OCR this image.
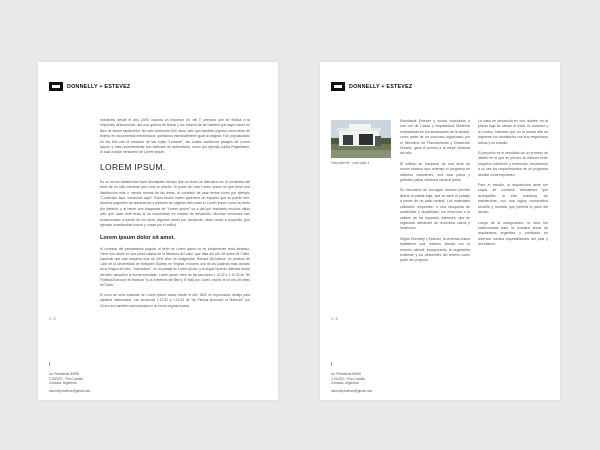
DONNELLY + ESTEVEZ

Industries desde el año 1500, cuando un impresor (N. del T. persona que se dedica a la imprenta) desconocido usó una galería de textos y los mezcló de tal manera que logró hacer un libro de textos especimen. No sólo sobrevivió 500 años, sino que también ingresó como texto de relleno en documentos electrónicos, quedando esencialmente igual al original. Fue popularizado en los 60s con la creación de las hojas "Letraset", las cuales contenían pasajes de Lorem Ipsum, y más recientemente con software de autoedición, como por ejemplo Aldus PageMaker, el cual incluye versiones de Lorem Ipsum.

LOREM IPSUM.

Es un hecho establecido hace demasiado tiempo que un lector se distraerá con el contenido del texto de un sitio mientras que mira su diseño. El punto de usar Lorem Ipsum es que tiene una distribución más o menos normal de las letras, al contrario de usar textos como por ejemplo "Contenido aquí, contenido aquí". Estos textos hacen parecerlo un español que se puede leer. Muchos paquetes de autoedición y editores de páginas web usan el Lorem Ipsum como su texto por defecto, y al hacer una búsqueda de "Lorem Ipsum" va a dar por resultado muchos sitios web que usan este texto si se encuentran en estado de desarrollo. Muchas versiones han evolucionado a través de los años, algunas veces por accidente, otras veces a propósito (por ejemplo insertándole humor y cosas por el estilo).

Lorem ipsum dolor sit amet.

Al contrario del pensamiento popular, el texto de Lorem Ipsum no es simplemente texto aleatorio. Tiene sus raíces en una pieza clásica de la literatura del Latín, que data del año 45 antes de Cristo, haciendo que este adquiera más de 2000 años de antigüedad. Richard McClintock, un profesor de Latín de la Universidad de Hampden-Sydney en Virginia, encontró una de las palabras más oscuras de la lengua del latín, "consecteur", en un pasaje de Lorem Ipsum, y al seguir leyendo distintos textos del latín, descubrió la fuente indudable. Lorem Ipsum viene de las secciones 1.10.32 y 1.10.33 de "de Finnibus Bonorum et Malorum" (Los Extremos del Bien y El Mal) por Cicero, escrito en el año 45 antes de Cristo.

El trozo de texto estándar de Lorem Ipsum usado desde el año 1500 es reproducido debajo para aquellos interesados. Las secciones 1.10.32 y 1.10.33 de "de Finibus Bonorum et Malorum" por Cicero son también reproducidas en su forma original exacta.

2 / 5
Av. Presidente 80930
C1922ZS · Pila Cuchilla
Córdoba, Argentina
donnelly.estevez@gmail.com
DONNELLY + ESTEVEZ
Vista exterior · casa patio 1

Estudiante Estévez y socios vinculados a una red de Casas y Arquitectura Moderna emplazadas en los alrededores de la ciudad, como parte de un concurso organizado por el Ministerio de Planeamiento y Desarrollo Urbano, ganó el premio a la mejor vivienda del año.

El edificio se compone de una serie de muros blancos que ordenan el programa en distintos volúmenes, una losa plana y grandes paños vidriados hacia el jardín.

Su estructura de hormigón armado permite liberar la planta baja, que se abre al paisaje a través de un patio central. Los materiales utilizados responden a una búsqueda de austeridad y durabilidad, sin renunciar a la calidez de los espacios interiores, que se organizan alrededor de recorridos claros y luminosos.

Según Donnelly y Estévez, la vivienda busca establecer una relación directa con el entorno natural, incorporando la vegetación existente y los desniveles del terreno como parte del proyecto.

La casa se desarrolla en dos niveles; en la planta baja se ubican el estar, el comedor y la cocina, mientras que en la planta alta se disponen los dormitorios con sus respectivos baños y un estudio.

El proyecto es el resultado de un proceso de diseño en el que se priorizó la relación entre espacios interiores y exteriores, resolviendo a su vez los requerimientos de un programa familiar contemporáneo.

Para el estudio, la arquitectura debe ser capaz de construir atmósferas que acompañen la vida cotidiana, sin estridencias, con una lógica constructiva sencilla y honesta que permita el paso del tiempo.

Luego de la inauguración, la obra fue seleccionada para la muestra anual de arquitectura argentina y publicada en diversos medios especializados del país y del exterior.

3 / 5
Av. Presidente 80930
C1922ZS · Pila Cuchilla
Córdoba, Argentina
donnelly.estevez@gmail.com
